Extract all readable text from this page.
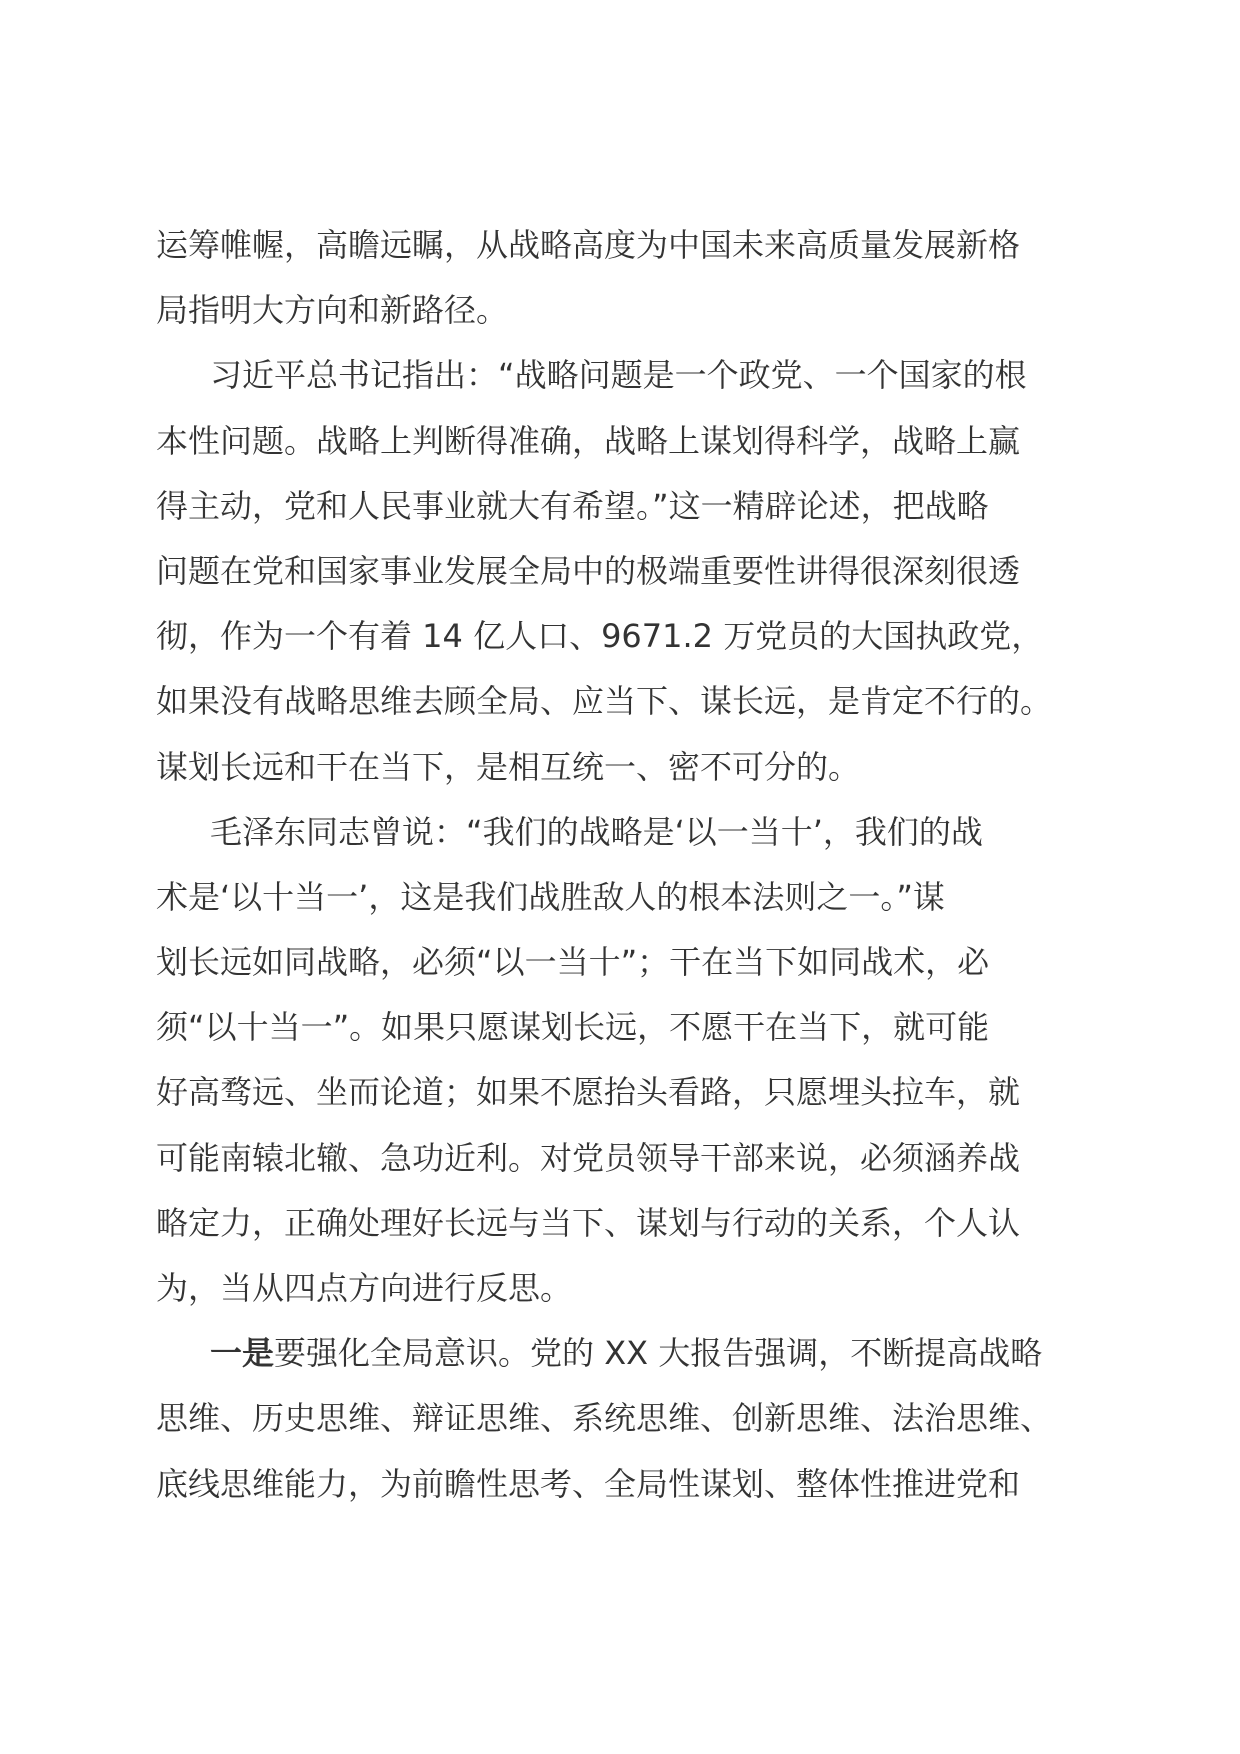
运筹帷幄，高瞻远瞩，从战略高度为中国未来高质量发展新格
局指明大方向和新路径。
习近平总书记指出：“战略问题是一个政党、一个国家的根
本性问题。战略上判断得准确，战略上谋划得科学，战略上赢
得主动，党和人民事业就大有希望。”这一精辟论述，把战略
问题在党和国家事业发展全局中的极端重要性讲得很深刻很透
彻，作为一个有着 14 亿人口、9671.2 万党员的大国执政党，
如果没有战略思维去顾全局、应当下、谋长远，是肯定不行的。
谋划长远和干在当下，是相互统一、密不可分的。
毛泽东同志曾说：“我们的战略是‘以一当十’，我们的战
术是‘以十当一’，这是我们战胜敌人的根本法则之一。”谋
划长远如同战略，必须“以一当十”；干在当下如同战术，必
须“以十当一”。如果只愿谋划长远，不愿干在当下，就可能
好高骛远、坐而论道；如果不愿抬头看路，只愿埋头拉车，就
可能南辕北辙、急功近利。对党员领导干部来说，必须涵养战
略定力，正确处理好长远与当下、谋划与行动的关系，个人认
为，当从四点方向进行反思。
一是要强化全局意识。党的 XX 大报告强调，不断提高战略
思维、历史思维、辩证思维、系统思维、创新思维、法治思维、
底线思维能力，为前瞻性思考、全局性谋划、整体性推进党和
